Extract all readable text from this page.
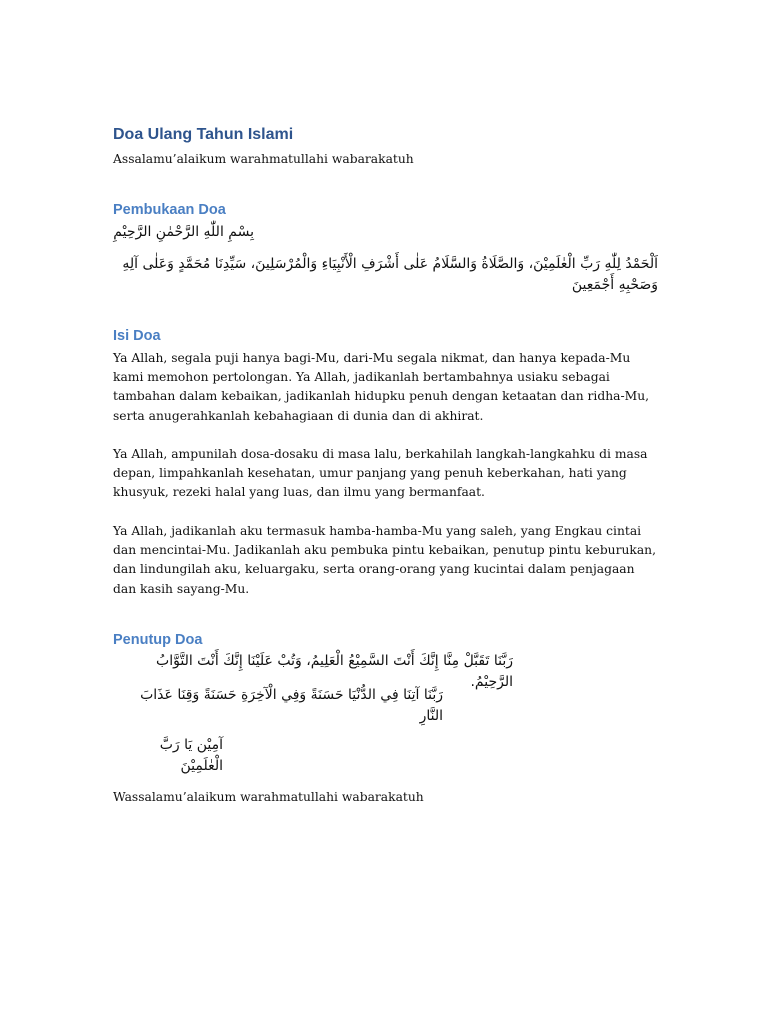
Doa Ulang Tahun Islami

Assalamu’alaikum warahmatullahi wabarakatuh

Pembukaan Doa

بِسْمِ اللّٰهِ الرَّحْمٰنِ الرَّحِيْمِ

اَلْحَمْدُ لِلّٰهِ رَبِّ الْعٰلَمِيْنَ، وَالصَّلَاةُ وَالسَّلَامُ عَلٰى أَشْرَفِ الْأَنْبِيَاءِ وَالْمُرْسَلِينَ، سَيِّدِنَا مُحَمَّدٍ وَعَلٰى آلِهِ وَصَحْبِهِ أَجْمَعِينَ

Isi Doa

Ya Allah, segala puji hanya bagi-Mu, dari-Mu segala nikmat, dan hanya kepada-Mu kami memohon pertolongan. Ya Allah, jadikanlah bertambahnya usiaku sebagai tambahan dalam kebaikan, jadikanlah hidupku penuh dengan ketaatan dan ridha-Mu, serta anugerahkanlah kebahagiaan di dunia dan di akhirat.

Ya Allah, ampunilah dosa-dosaku di masa lalu, berkahilah langkah-langkahku di masa depan, limpahkanlah kesehatan, umur panjang yang penuh keberkahan, hati yang khusyuk, rezeki halal yang luas, dan ilmu yang bermanfaat.

Ya Allah, jadikanlah aku termasuk hamba-hamba-Mu yang saleh, yang Engkau cintai dan mencintai-Mu. Jadikanlah aku pembuka pintu kebaikan, penutup pintu keburukan, dan lindungilah aku, keluargaku, serta orang-orang yang kucintai dalam penjagaan dan kasih sayang-Mu.

Penutup Doa

رَبَّنَا تَقَبَّلْ مِنَّا إِنَّكَ أَنْتَ السَّمِيْعُ الْعَلِيمُ، وَتُبْ عَلَيْنَا إِنَّكَ أَنْتَ التَّوَّابُ الرَّحِيْمُ.

رَبَّنَا آتِنَا فِي الدُّنْيَا حَسَنَةً وَفِي الْآخِرَةِ حَسَنَةً وَقِنَا عَذَابَ النَّارِ

آمِيْن يَا رَبَّ الْعٰلَمِيْنَ

Wassalamu’alaikum warahmatullahi wabarakatuh
